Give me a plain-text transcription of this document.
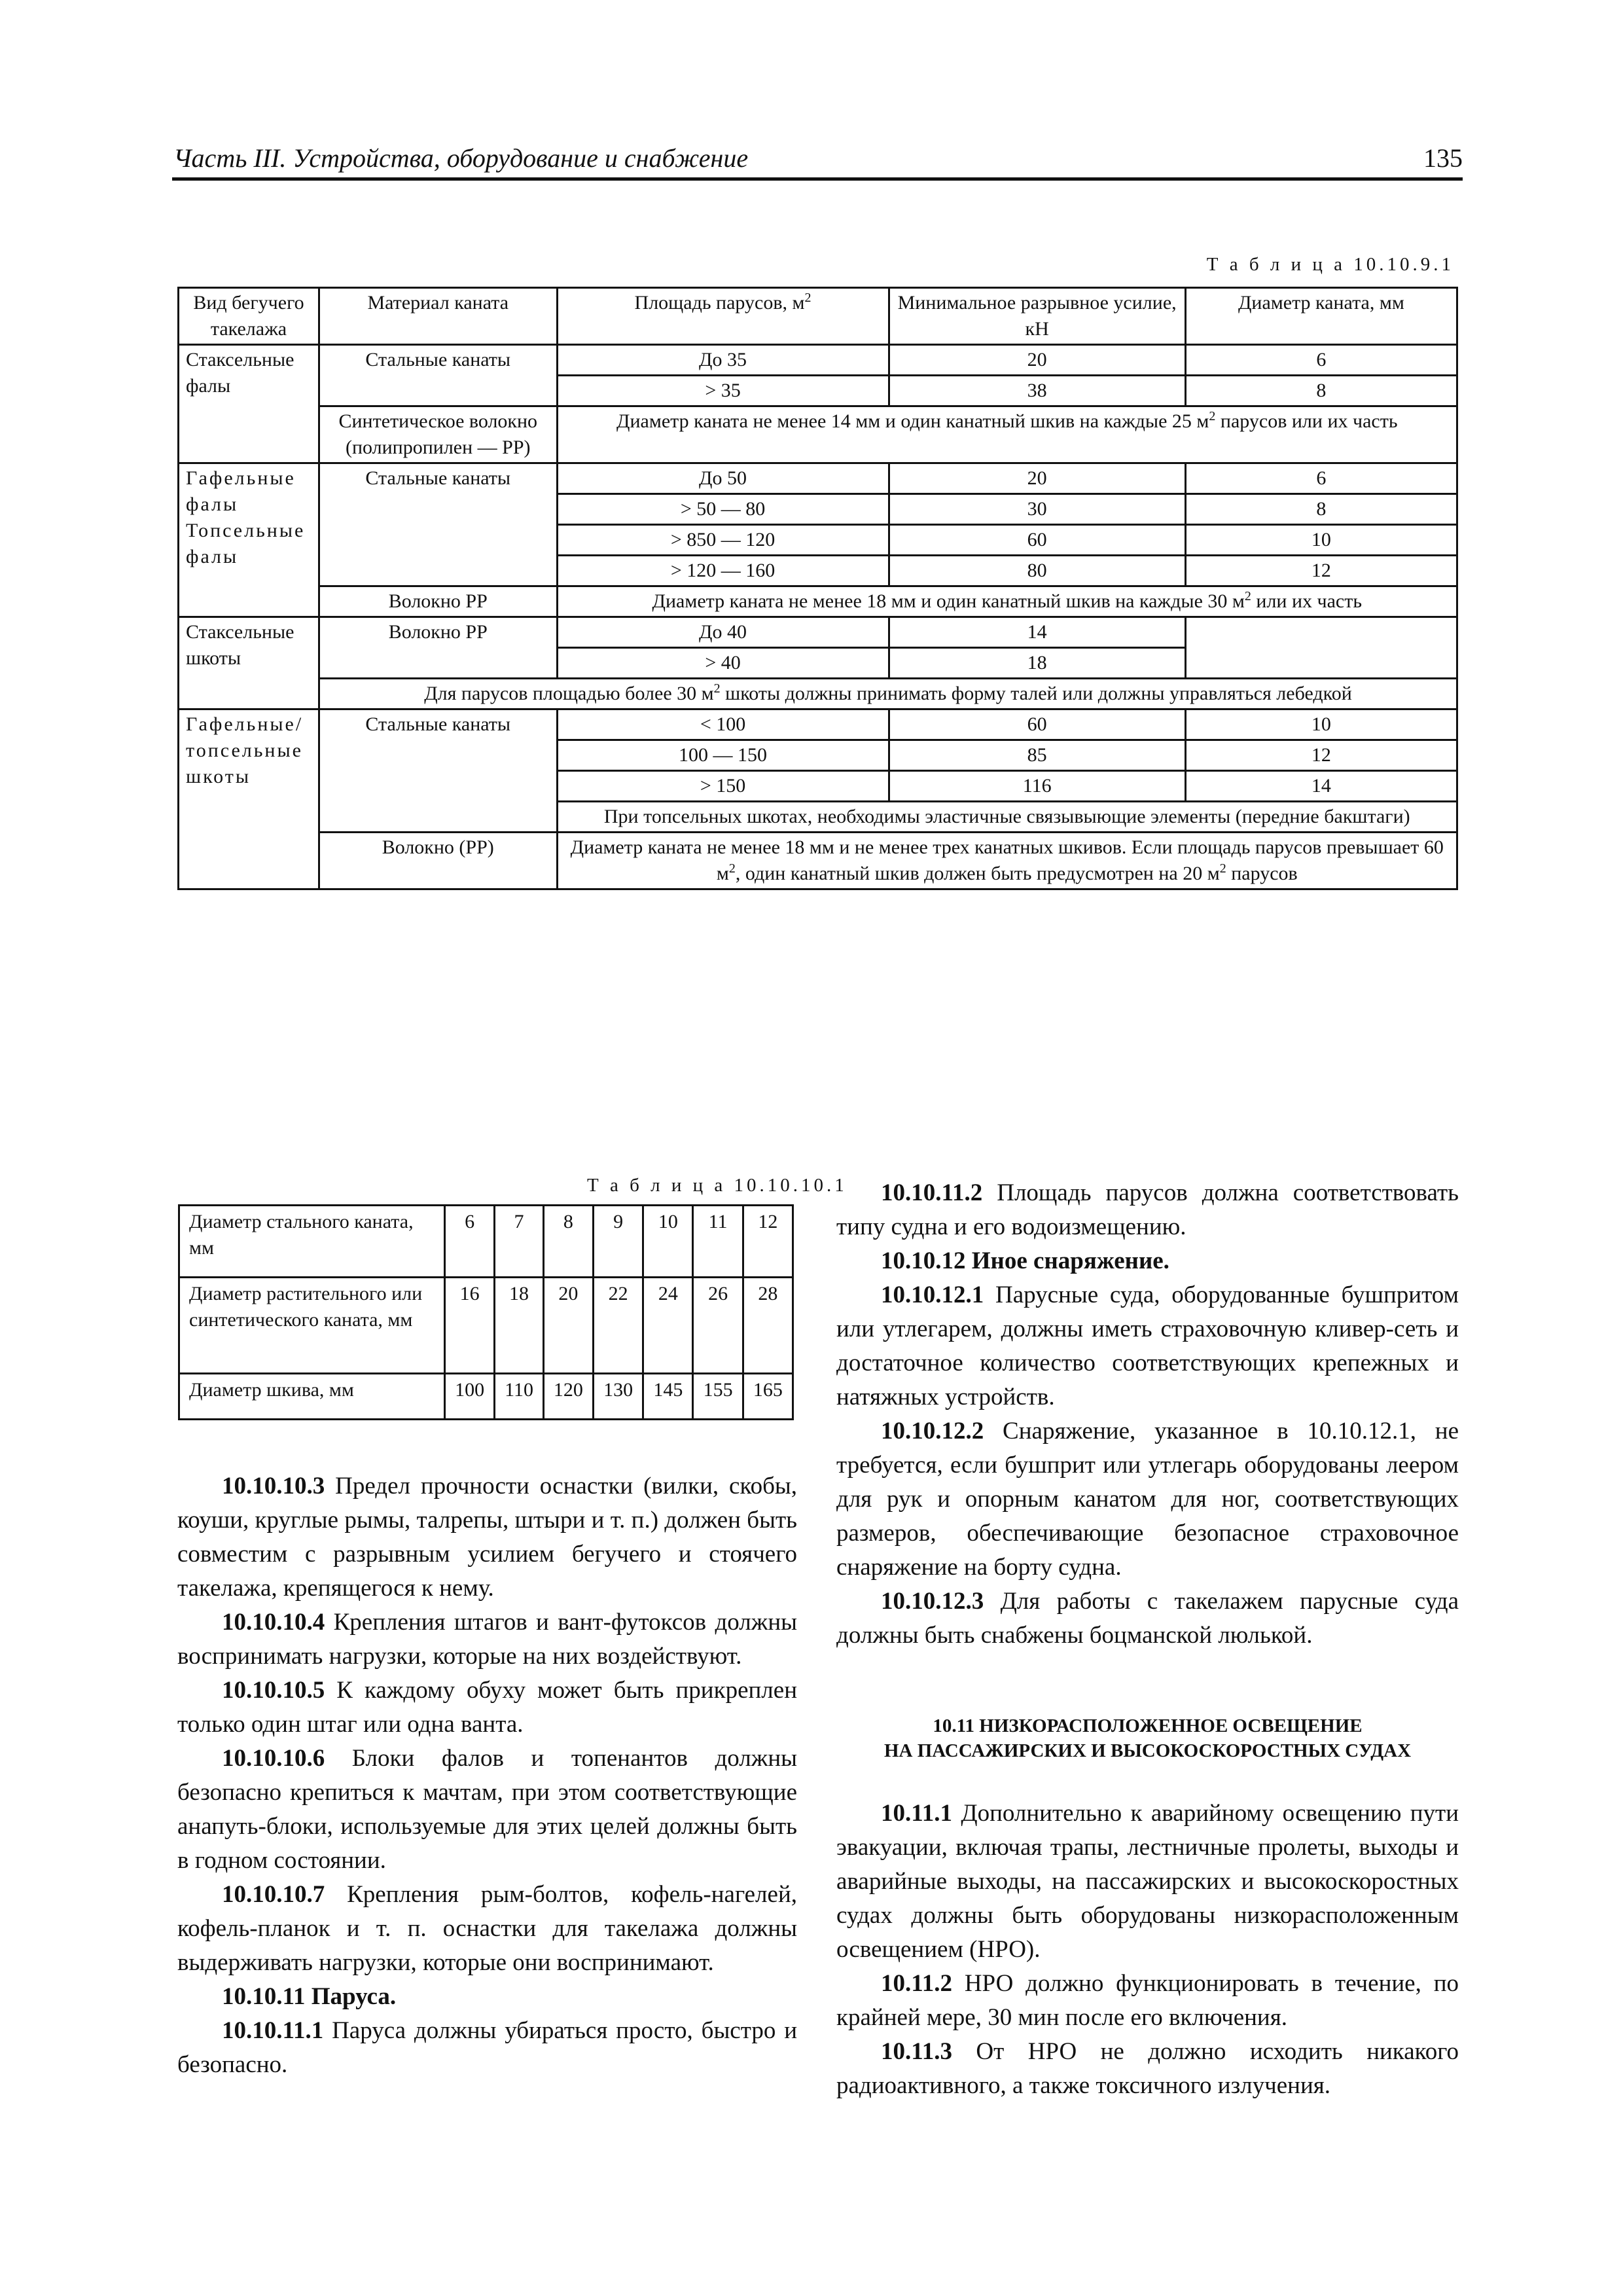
Часть III. Устройства, оборудование и снабжение	135
Т а б л и ц а 10.10.9.1
Вид бегучего такелажа	Материал каната	Площадь парусов, $м^2$	Минимальное разрывное усилие, кН	Диаметр каната, мм
Стаксельные фалы	Стальные канаты	До 35	20	6
		> 35	38	8
	Синтетическое волокно (полипропилен — РР)	Диаметр каната не менее 14 мм и один канатный шкив на каждые 25 $м^2$ парусов или их часть		
Гафельные фалы Топсельные фалы	Стальные канаты	До 50	20	6
		> 50 — 80	30	8
		> 850 — 120	60	10
		> 120 — 160	80	12
	Волокно РР	Диаметр каната не менее 18 мм и один канатный шкив на каждые 30 $м^2$ или их часть		
Стаксельные шкоты	Волокно РР	До 40	14	
		> 40	18	
	Для парусов площадью более 30 $м^2$ шкоты должны принимать форму талей или должны управляться лебедкой			
Гафельные/ топсельные шкоты	Стальные канаты	< 100	60	10
		100 — 150	85	12
		> 150	116	14
		При топсельных шкотах, необходимы эластичные связывыющие элементы (передние бакштаги)		
	Волокно (РР)	Диаметр каната не менее 18 мм и не менее трех канатных шкивов. Если площадь парусов превышает 60 $м^2$, один канатный шкив должен быть предусмотрен на 20 $м^2$ парусов		
Т а б л и ц а 10.10.10.1
Диаметр стального каната, мм	6	7	8	9	10	11	12
Диаметр растительного или синтетического каната, мм	16	18	20	22	24	26	28
Диаметр шкива, мм	100	110	120	130	145	155	165

10.10.10.3 Предел прочности оснастки (вилки, скобы, коуши, круглые рымы, талрепы, штыри и т. п.) должен быть совместим с разрывным усилием бегучего и стоячего такелажа, крепящегося к нему.

10.10.10.4 Крепления штагов и вант-футоксов должны воспринимать нагрузки, которые на них воздействуют.

10.10.10.5 К каждому обуху может быть прикреплен только один штаг или одна ванта.

10.10.10.6 Блоки фалов и топенантов должны безопасно крепиться к мачтам, при этом соответствующие анапуть-блоки, используемые для этих целей должны быть в годном состоянии.

10.10.10.7 Крепления рым-болтов, кофель-нагелей, кофель-планок и т. п. оснастки для такелажа должны выдерживать нагрузки, которые они воспринимают.

10.10.11 Паруса.

10.10.11.1 Паруса должны убираться просто, быстро и безопасно.

10.10.11.2 Площадь парусов должна соответствовать типу судна и его водоизмещению.

10.10.12 Иное снаряжение.

10.10.12.1 Парусные суда, оборудованные бушпритом или утлегарем, должны иметь страховочную кливер-сеть и достаточное количество соответствующих крепежных и натяжных устройств.

10.10.12.2 Снаряжение, указанное в 10.10.12.1, не требуется, если бушприт или утлегарь оборудованы леером для рук и опорным канатом для ног, соответствующих размеров, обеспечивающие безопасное страховочное снаряжение на борту судна.

10.10.12.3 Для работы с такелажем парусные суда должны быть снабжены боцманской люлькой.

10.11 НИЗКОРАСПОЛОЖЕННОЕ ОСВЕЩЕНИЕ
НА ПАССАЖИРСКИХ И ВЫСОКОСКОРОСТНЫХ СУДАХ

10.11.1 Дополнительно к аварийному освещению пути эвакуации, включая трапы, лестничные пролеты, выходы и аварийные выходы, на пассажирских и высокоскоростных судах должны быть оборудованы низкорасположенным освещением (НРО).

10.11.2 НРО должно функционировать в течение, по крайней мере, 30 мин после его включения.

10.11.3 От НРО не должно исходить никакого радиоактивного, а также токсичного излучения.
